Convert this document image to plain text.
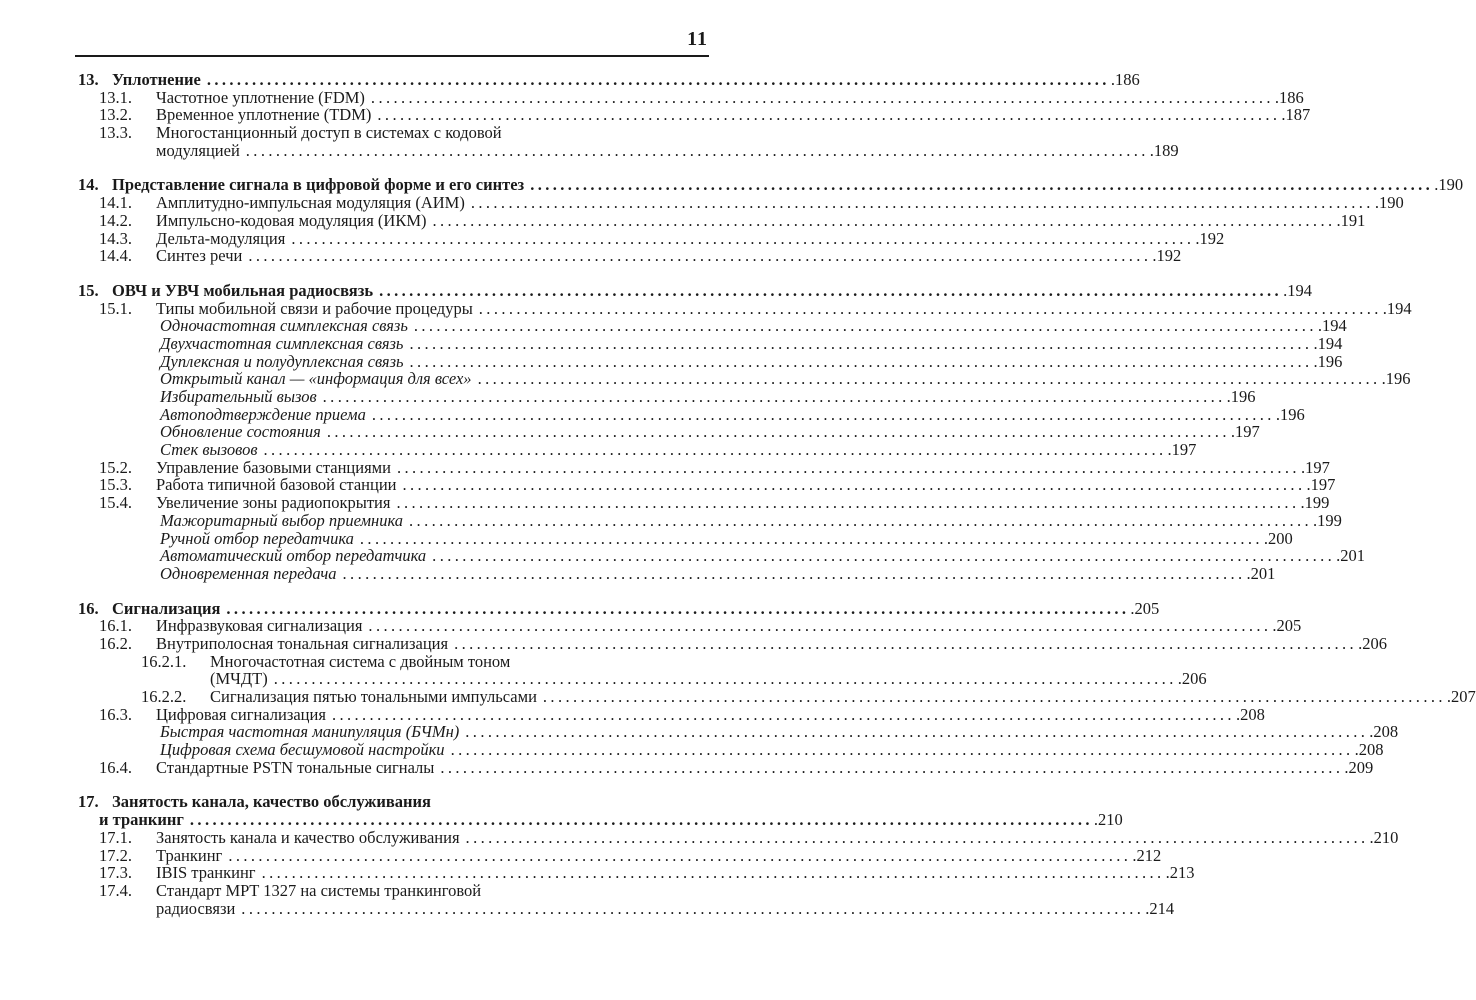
11
13. Уплотнение ........................................................................................................................ .186
13.1. Частотное уплотнение (FDM) ........................................................................................................................ .186
13.2. Временное уплотнение (TDM) ........................................................................................................................ .187
13.3. Многостанционный доступ в системах с кодовой
модуляцией ........................................................................................................................ .189
14. Представление сигнала в цифровой форме и его синтез ........................................................................................................................ .190
14.1. Амплитудно-импульсная модуляция (АИМ) ........................................................................................................................ .190
14.2. Импульсно-кодовая модуляция (ИКМ) ........................................................................................................................ .191
14.3. Дельта-модуляция ........................................................................................................................ .192
14.4. Синтез речи ........................................................................................................................ .192
15. ОВЧ и УВЧ мобильная радиосвязь ........................................................................................................................ .194
15.1. Типы мобильной связи и рабочие процедуры ........................................................................................................................ .194
Одночастотная симплексная связь ........................................................................................................................ .194
Двухчастотная симплексная связь ........................................................................................................................ .194
Дуплексная и полудуплексная связь ........................................................................................................................ .196
Открытый канал — «информация для всех» ........................................................................................................................ .196
Избирательный вызов ........................................................................................................................ .196
Автоподтверждение приема ........................................................................................................................ .196
Обновление состояния ........................................................................................................................ .197
Стек вызовов ........................................................................................................................ .197
15.2. Управление базовыми станциями ........................................................................................................................ .197
15.3. Работа типичной базовой станции ........................................................................................................................ .197
15.4. Увеличение зоны радиопокрытия ........................................................................................................................ .199
Мажоритарный выбор приемника ........................................................................................................................ .199
Ручной отбор передатчика ........................................................................................................................ .200
Автоматический отбор передатчика ........................................................................................................................ .201
Одновременная передача ........................................................................................................................ .201
16. Сигнализация ........................................................................................................................ .205
16.1. Инфразвуковая сигнализация ........................................................................................................................ .205
16.2. Внутриполосная тональная сигнализация ........................................................................................................................ .206
16.2.1. Многочастотная система с двойным тоном
(МЧДТ) ........................................................................................................................ .206
16.2.2. Сигнализация пятью тональными импульсами ........................................................................................................................ .207
16.3. Цифровая сигнализация ........................................................................................................................ .208
Быстрая частотная манипуляция (БЧМн) ........................................................................................................................ .208
Цифровая схема бесшумовой настройки ........................................................................................................................ .208
16.4. Стандартные PSTN тональные сигналы ........................................................................................................................ .209
17. Занятость канала, качество обслуживания
и транкинг ........................................................................................................................ .210
17.1. Занятость канала и качество обслуживания ........................................................................................................................ .210
17.2. Транкинг ........................................................................................................................ .212
17.3. IBIS транкинг ........................................................................................................................ .213
17.4. Стандарт MPT 1327 на системы транкинговой
радиосвязи ........................................................................................................................ .214
